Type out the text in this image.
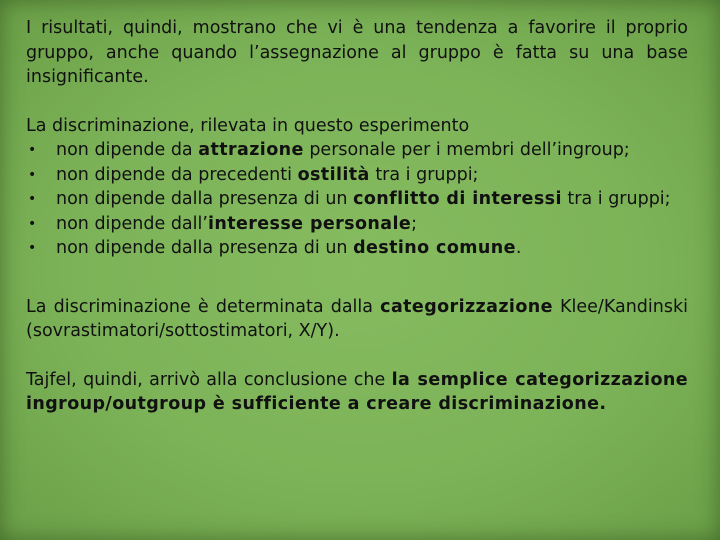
I risultati, quindi, mostrano che vi è una tendenza a favorire il proprio gruppo, anche quando l’assegnazione al gruppo è fatta su una base insignificante.

La discriminazione, rilevata in questo esperimento

• non dipende da attrazione personale per i membri dell’ingroup;
• non dipende da precedenti ostilità tra i gruppi;
• non dipende dalla presenza di un conflitto di interessi tra i gruppi;
• non dipende dall’interesse personale;
• non dipende dalla presenza di un destino comune.

La discriminazione è determinata dalla categorizzazione Klee/Kandinski (sovrastimatori/sottostimatori, X/Y).

Tajfel, quindi, arrivò alla conclusione che la semplice categorizzazione ingroup/outgroup è sufficiente a creare discriminazione.
